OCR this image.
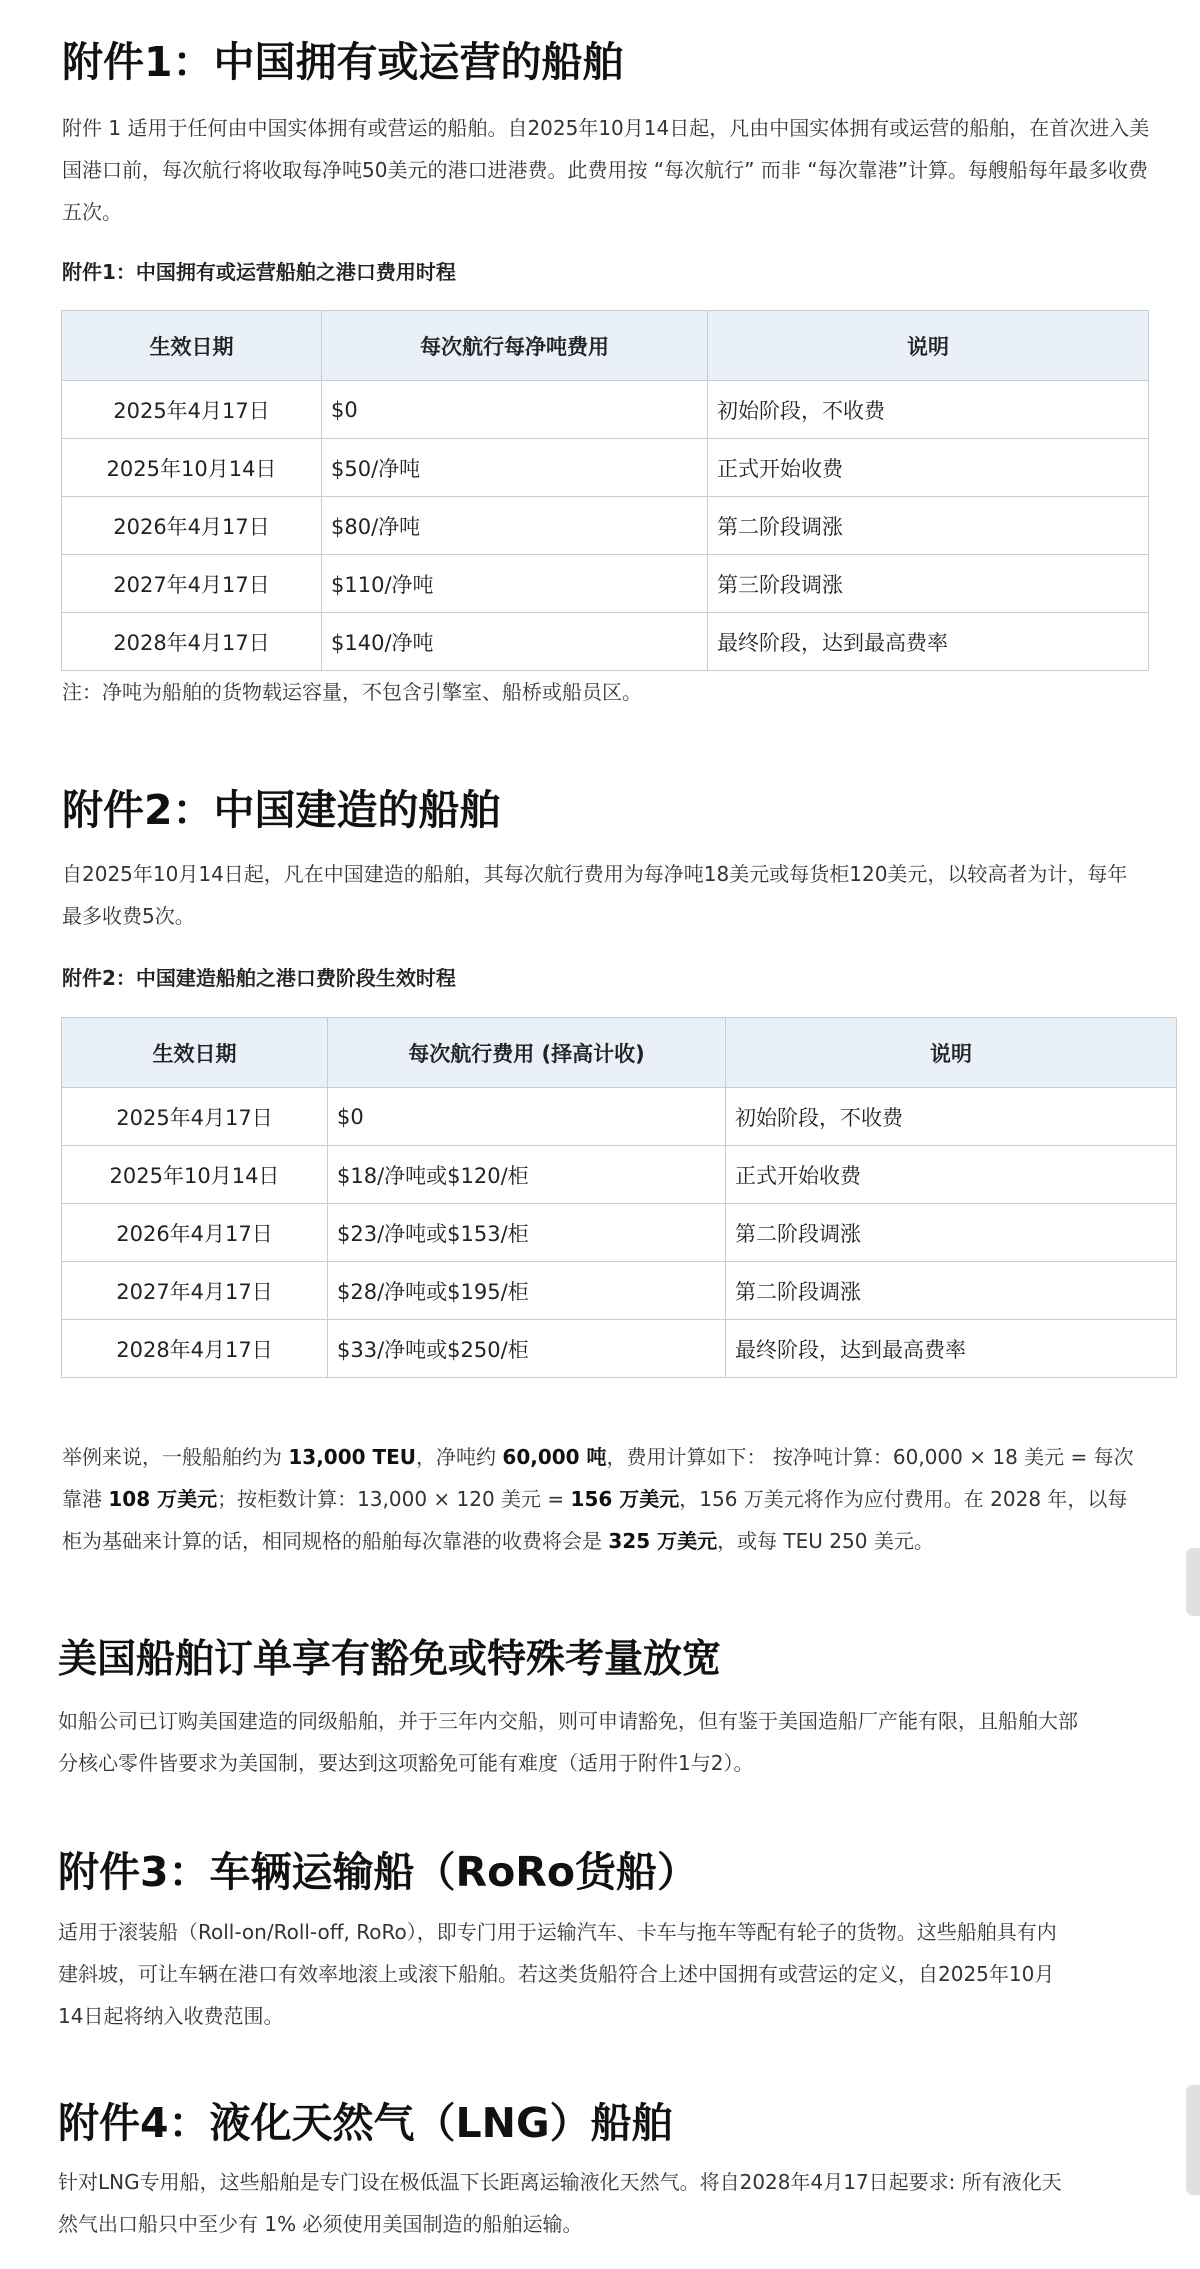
附件1：中国拥有或运营的船舶

附件 1 适用于任何由中国实体拥有或营运的船舶。自2025年10月14日起，凡由中国实体拥有或运营的船舶，在首次进入美国港口前，每次航行将收取每净吨50美元的港口进港费。此费用按 “每次航行” 而非 “每次靠港”计算。每艘船每年最多收费五次。

附件1：中国拥有或运营船舶之港口费用时程

生效日期	每次航行每净吨费用	说明
2025年4月17日	$0	初始阶段，不收费
2025年10月14日	$50/净吨	正式开始收费
2026年4月17日	$80/净吨	第二阶段调涨
2027年4月17日	$110/净吨	第三阶段调涨
2028年4月17日	$140/净吨	最终阶段，达到最高费率

注：净吨为船舶的货物载运容量，不包含引擎室、船桥或船员区。

附件2：中国建造的船舶

自2025年10月14日起，凡在中国建造的船舶，其每次航行费用为每净吨18美元或每货柜120美元，以较高者为计，每年最多收费5次。

附件2：中国建造船舶之港口费阶段生效时程

生效日期	每次航行费用 (择高计收)	说明
2025年4月17日	$0	初始阶段，不收费
2025年10月14日	$18/净吨或$120/柜	正式开始收费
2026年4月17日	$23/净吨或$153/柜	第二阶段调涨
2027年4月17日	$28/净吨或$195/柜	第二阶段调涨
2028年4月17日	$33/净吨或$250/柜	最终阶段，达到最高费率

举例来说，一般船舶约为 13,000 TEU，净吨约 60,000 吨，费用计算如下： 按净吨计算：60,000 × 18 美元 = 每次靠港 108 万美元；按柜数计算：13,000 × 120 美元 = 156 万美元，156 万美元将作为应付费用。在 2028 年，以每柜为基础来计算的话，相同规格的船舶每次靠港的收费将会是 325 万美元，或每 TEU 250 美元。

美国船舶订单享有豁免或特殊考量放宽

如船公司已订购美国建造的同级船舶，并于三年内交船，则可申请豁免，但有鉴于美国造船厂产能有限，且船舶大部分核心零件皆要求为美国制，要达到这项豁免可能有难度（适用于附件1与2）。

附件3：车辆运输船（RoRo货船）

适用于滚装船（Roll-on/Roll-off, RoRo），即专门用于运输汽车、卡车与拖车等配有轮子的货物。这些船舶具有内建斜坡，可让车辆在港口有效率地滚上或滚下船舶。若这类货船符合上述中国拥有或营运的定义，自2025年10月14日起将纳入收费范围。

附件4：液化天然气（LNG）船舶

针对LNG专用船，这些船舶是专门设在极低温下长距离运输液化天然气。将自2028年4月17日起要求: 所有液化天然气出口船只中至少有 1% 必须使用美国制造的船舶运输。
